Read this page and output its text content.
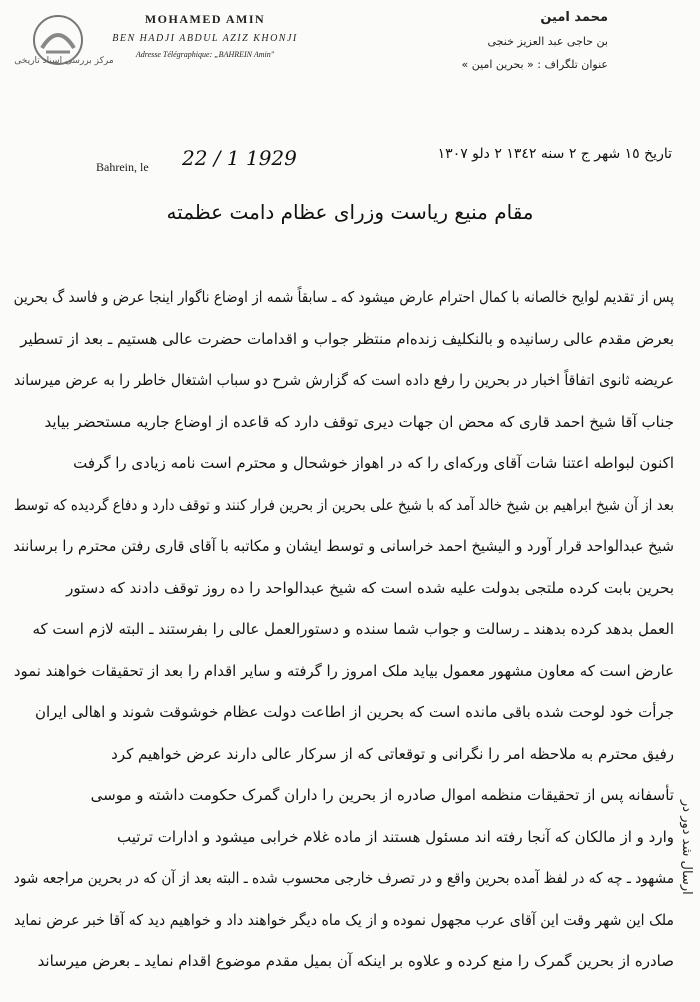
مرکز بررسی اسناد تاریخی
MOHAMED AMIN
BEN HADJI ABDUL AZIZ KHONJI
Adresse Télégraphique: „BAHREIN Amin"
محمد امین
بن حاجی عبد العزیز خنجی
عنوان تلگراف : « بحرین امین »
Bahrein, le 22 / 1 1929	تاریخ ١٥ شهر ج ٢ سنه ١٣٤٢ ٢ دلو ١٣٠٧
مقام منیع ریاست وزرای عظام دامت عظمته
پس از تقدیم لوایح خالصانه با کمال احترام عارض میشود که ـ سابقاً شمه از اوضاع ناگوار اینجا عرض و فاسد گ بحرین
بعرض مقدم عالی رسانیده و بالنکلیف زنده‌ام منتظر جواب و اقدامات حضرت عالی هستیم ـ بعد از تسطیر
عریضه ثانوی اتفاقاً اخبار در بحرین را رفع داده است که گزارش شرح دو سباب اشتغال خاطر را به عرض میرساند
جناب آقا شیخ احمد قاری که محض ان جهات دیری توقف دارد که قاعده از اوضاع جاریه مستحضر بیاید
اکنون لبواطه اعتنا شات آقای ورکه‌ای را که در اهواز خوشحال و محترم است نامه زیادی را گرفت
بعد از آن شیخ ابراهیم بن شیخ خالد آمد که با شیخ علی بحرین از بحرین فرار کنند و توقف دارد و دفاع گردیده که توسط
شیخ عبدالواحد قرار آورد و الیشیخ احمد خراسانی و توسط ایشان و مکاتبه با آقای قاری رفتن محترم را برسانند
بحرین بابت کرده ملتجی بدولت علیه شده است که شیخ عبدالواحد را ده روز توقف دادند که دستور
العمل بدهد کرده بدهند ـ رسالت و جواب شما سنده و دستورالعمل عالی را بفرستند ـ البته لازم است که
عارض است که معاون مشهور معمول بیاید ملک امروز را گرفته و سایر اقدام را بعد از تحقیقات خواهند نمود
جرأت خود لوحت شده باقی مانده است که بحرین از اطاعت دولت عظام خوشوقت شوند و اهالی ایران
رفیق محترم به ملاحظه امر را نگرانی و توقعاتی که از سرکار عالی دارند عرض خواهیم کرد
تأسفانه پس از تحقیقات منظمه اموال صادره از بحرین را داران گمرک حکومت داشته و موسی
وارد و از مالکان که آنجا رفته اند مسئول هستند از ماده غلام خرابی میشود و ادارات ترتیب
مشهود ـ چه که در لفظ آمده بحرین واقع و در تصرف خارجی محسوب شده ـ البته بعد از آن که در بحرین مراجعه شود
ملک این شهر وقت این آقای عرب مجهول نموده و از یک ماه دیگر خواهند داد و خواهیم دید که آقا خبر عرض نماید
صادره از بحرین گمرک را منع کرده و علاوه بر اینکه آن بمیل مقدم موضوع اقدام نماید ـ بعرض میرساند
ارسال شد دور در
